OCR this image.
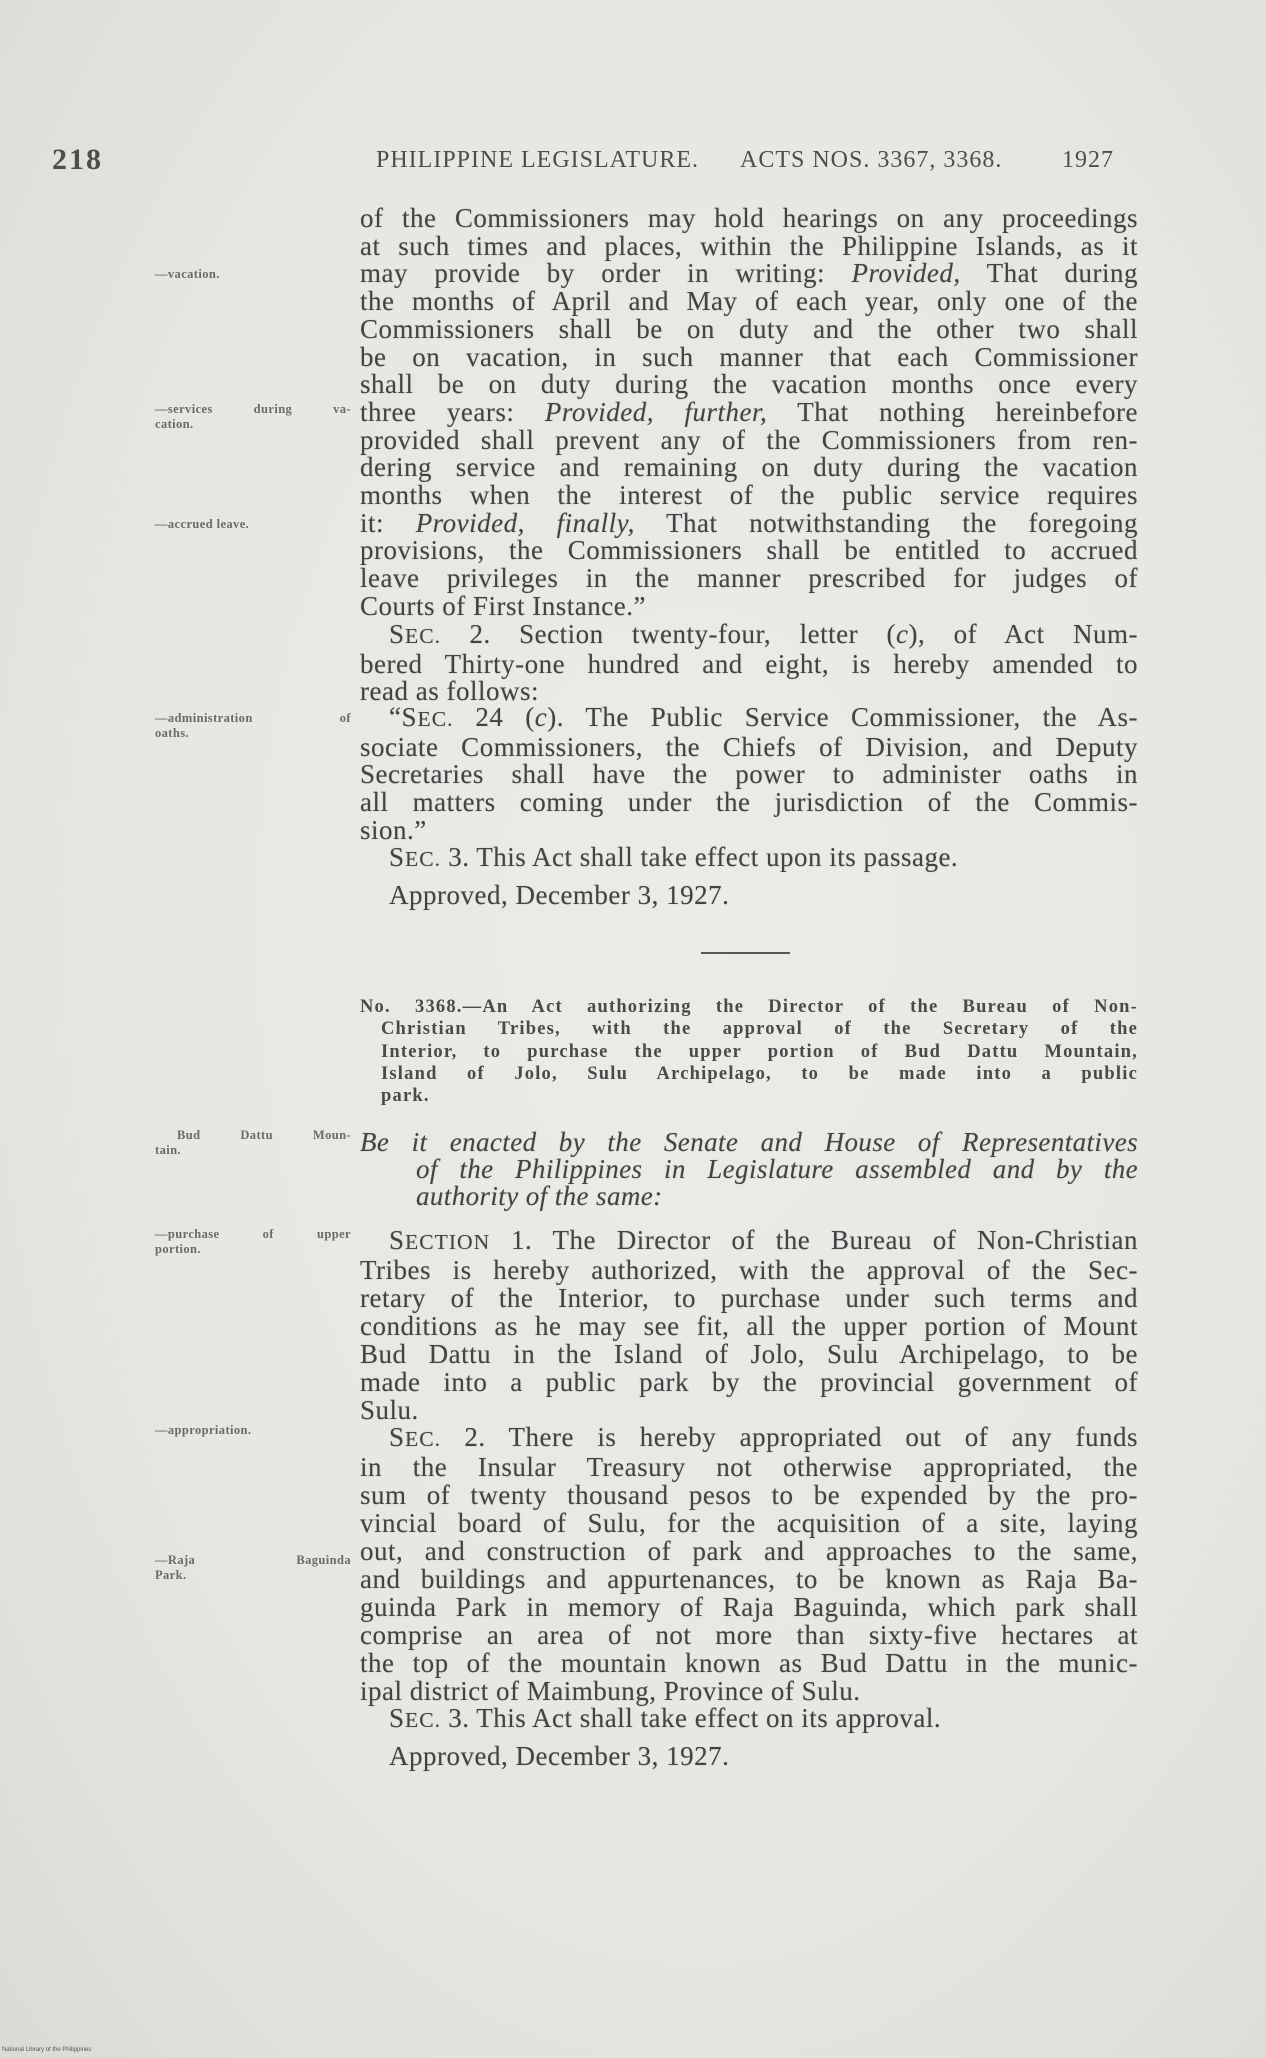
218	PHILIPPINE LEGISLATURE. ACTS NOS. 3367, 3368. 1927
—vacation.
—services during va-
cation.
—accrued leave.
—administration of
oaths.
Bud Dattu Moun-
tain.
—purchase of upper
portion.
—appropriation.
—Raja Baguinda
Park.
of the Commissioners may hold hearings on any proceedings
at such times and places, within the Philippine Islands, as it
may provide by order in writing: Provided, That during
the months of April and May of each year, only one of the
Commissioners shall be on duty and the other two shall
be on vacation, in such manner that each Commissioner
shall be on duty during the vacation months once every
three years: Provided, further, That nothing hereinbefore
provided shall prevent any of the Commissioners from ren-
dering service and remaining on duty during the vacation
months when the interest of the public service requires
it: Provided, finally, That notwithstanding the foregoing
provisions, the Commissioners shall be entitled to accrued
leave privileges in the manner prescribed for judges of
Courts of First Instance.”
SEC. 2. Section twenty-four, letter (c), of Act Num-
bered Thirty-one hundred and eight, is hereby amended to
read as follows:
“SEC. 24 (c). The Public Service Commissioner, the As-
sociate Commissioners, the Chiefs of Division, and Deputy
Secretaries shall have the power to administer oaths in
all matters coming under the jurisdiction of the Commis-
sion.”
SEC. 3. This Act shall take effect upon its passage.
Approved, December 3, 1927.
No. 3368.—An Act authorizing the Director of the Bureau of Non-
Christian Tribes, with the approval of the Secretary of the
Interior, to purchase the upper portion of Bud Dattu Mountain,
Island of Jolo, Sulu Archipelago, to be made into a public
park.
Be it enacted by the Senate and House of Representatives
of the Philippines in Legislature assembled and by the
authority of the same:
SECTION 1. The Director of the Bureau of Non-Christian
Tribes is hereby authorized, with the approval of the Sec-
retary of the Interior, to purchase under such terms and
conditions as he may see fit, all the upper portion of Mount
Bud Dattu in the Island of Jolo, Sulu Archipelago, to be
made into a public park by the provincial government of
Sulu.
SEC. 2. There is hereby appropriated out of any funds
in the Insular Treasury not otherwise appropriated, the
sum of twenty thousand pesos to be expended by the pro-
vincial board of Sulu, for the acquisition of a site, laying
out, and construction of park and approaches to the same,
and buildings and appurtenances, to be known as Raja Ba-
guinda Park in memory of Raja Baguinda, which park shall
comprise an area of not more than sixty-five hectares at
the top of the mountain known as Bud Dattu in the munic-
ipal district of Maimbung, Province of Sulu.
SEC. 3. This Act shall take effect on its approval.
Approved, December 3, 1927.
National Library of the Philippines
